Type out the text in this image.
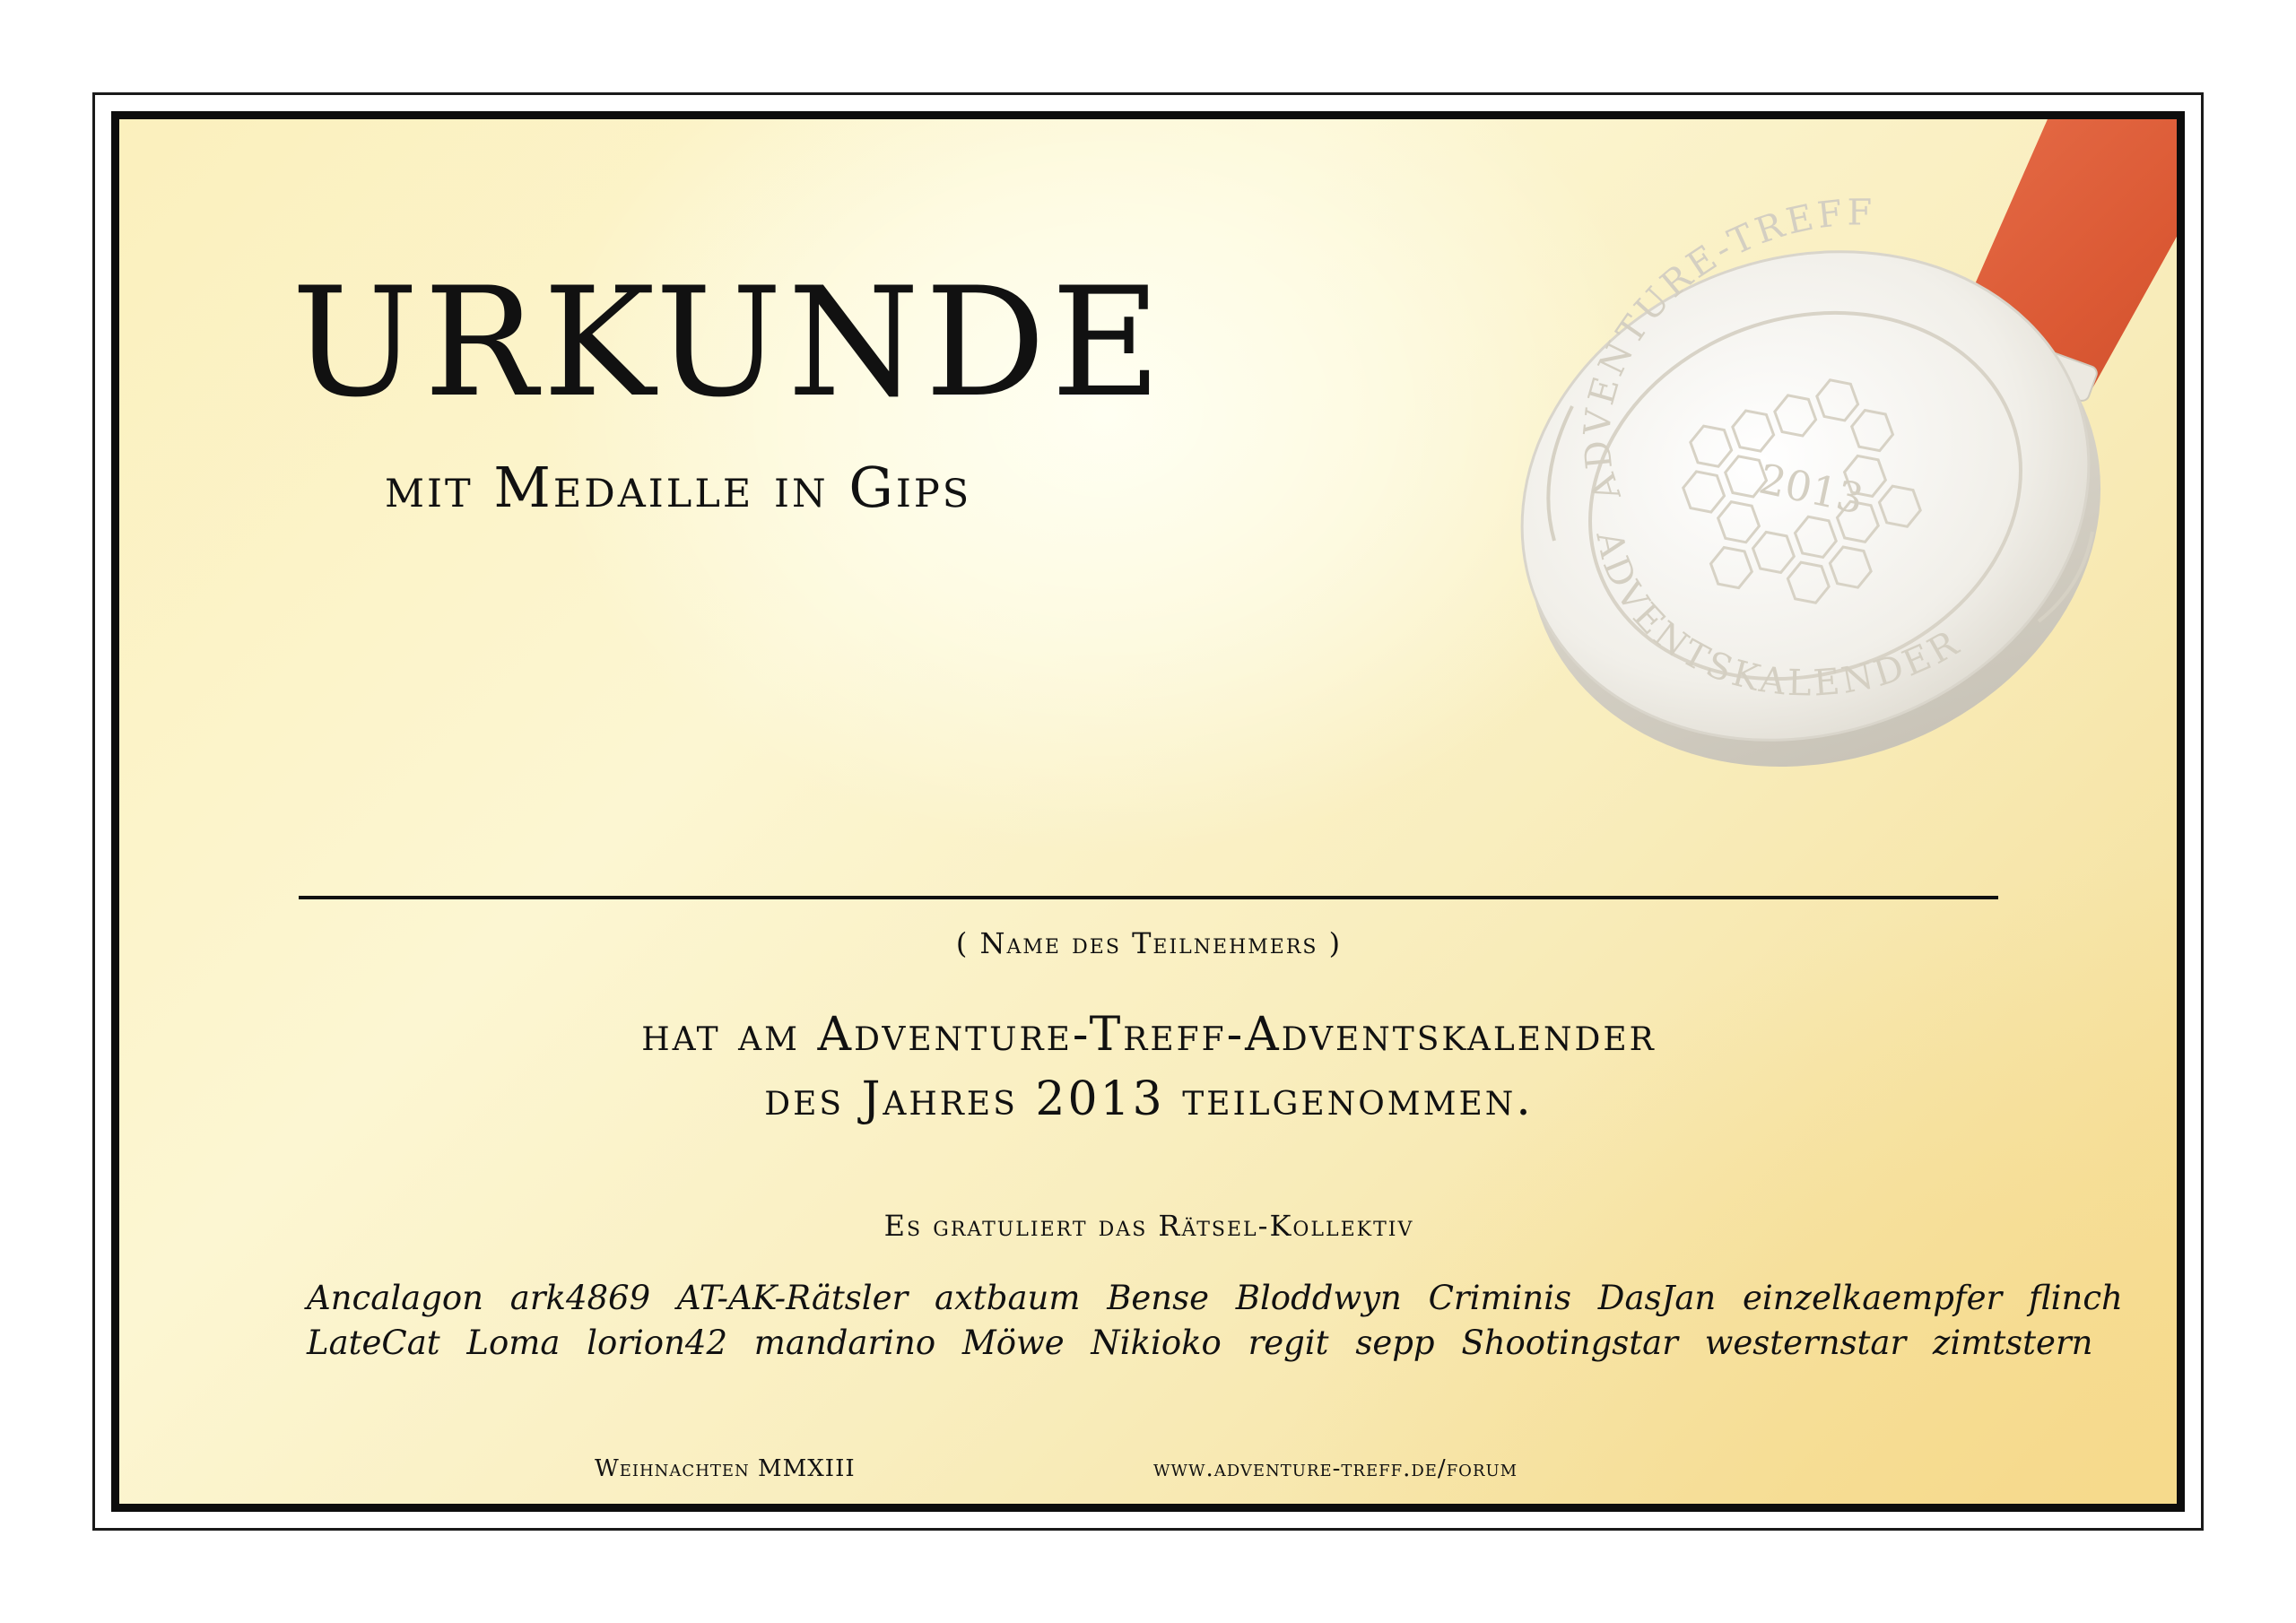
URKUNDE
mit Medaille in Gips	ADVENTURE-TREFF
ADVENTSKALENDER
2013
( Name des Teilnehmers )
hat am Adventure-Treff-Adventskalender
des Jahres 2013 teilgenommen.
Es gratuliert das Rätsel-Kollektiv
Ancalagon ark4869 AT-AK-Rätsler axtbaum Bense Bloddwyn Criminis DasJan einzelkaempfer flinch
LateCat Loma lorion42 mandarino Möwe Nikioko regit sepp Shootingstar westernstar zimtstern
Weihnachten MMXIII	www.adventure-treff.de/forum
